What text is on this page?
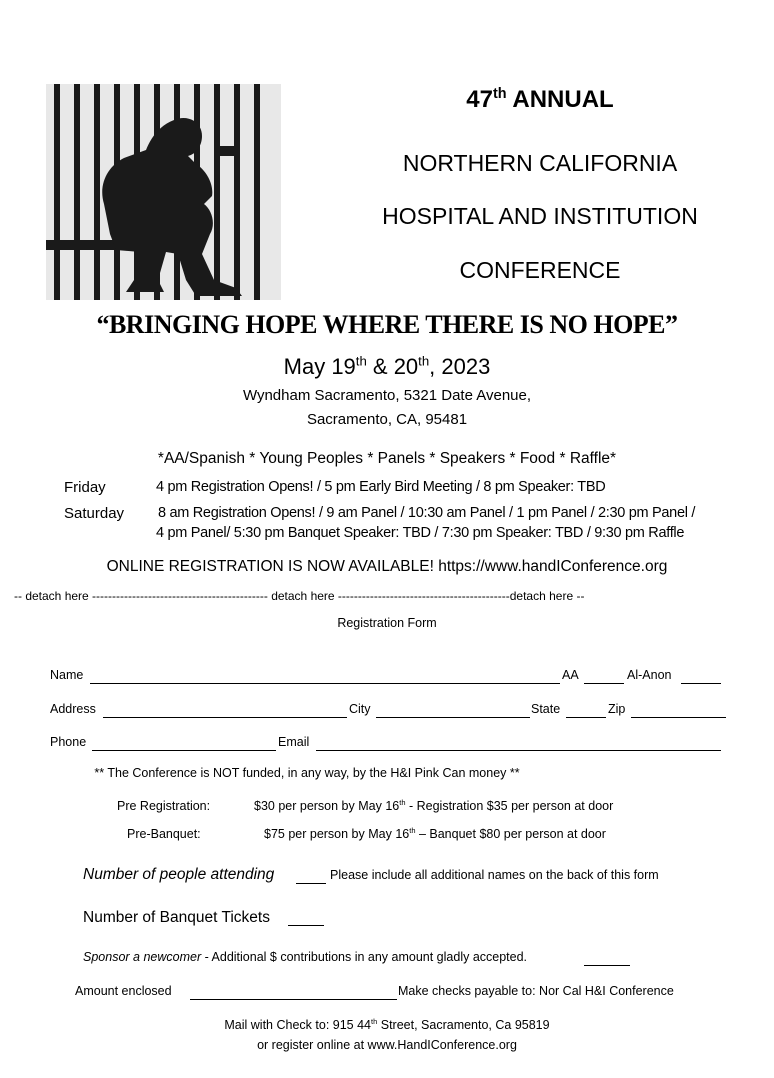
47th ANNUAL
NORTHERN CALIFORNIA
HOSPITAL AND INSTITUTION
CONFERENCE
“BRINGING HOPE WHERE THERE IS NO HOPE”
May 19th & 20th, 2023
Wyndham Sacramento, 5321 Date Avenue,
Sacramento, CA, 95481
*AA/Spanish * Young Peoples * Panels * Speakers * Food * Raffle*
Friday	4 pm Registration Opens! / 5 pm Early Bird Meeting / 8 pm Speaker: TBD
Saturday 8 am Registration Opens! / 9 am Panel / 10:30 am Panel / 1 pm Panel / 2:30 pm Panel /
4 pm Panel/ 5:30 pm Banquet Speaker: TBD / 7:30 pm Speaker: TBD / 9:30 pm Raffle
ONLINE REGISTRATION IS NOW AVAILABLE! https://www.handIConference.org
-- detach here -------------------------------------------- detach here -------------------------------------------detach here --
Registration Form
Name	AA	Al-Anon
Address	City	State	Zip
Phone	Email
** The Conference is NOT funded, in any way, by the H&I Pink Can money **
Pre Registration:	$30 per person by May 16th - Registration $35 per person at door
Pre-Banquet:	$75 per person by May 16th – Banquet $80 per person at door
Number of people attending	Please include all additional names on the back of this form
Number of Banquet Tickets
Sponsor a newcomer - Additional $ contributions in any amount gladly accepted.
Amount enclosed	Make checks payable to: Nor Cal H&I Conference
Mail with Check to: 915 44th Street, Sacramento, Ca 95819
or register online at www.HandIConference.org
